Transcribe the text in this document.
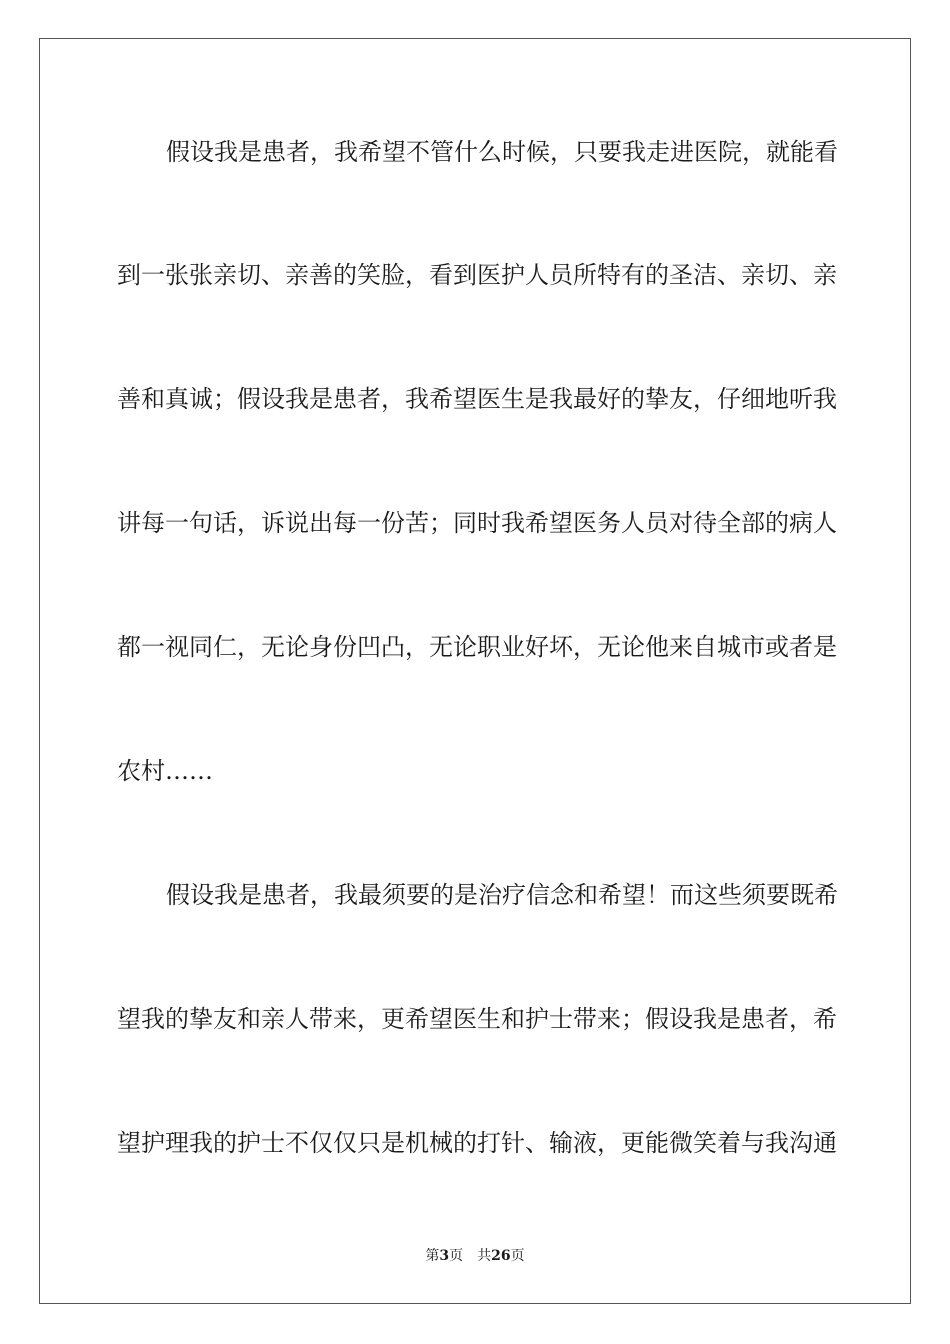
假设我是患者，我希望不管什么时候，只要我走进医院，就能看
到一张张亲切、亲善的笑脸，看到医护人员所特有的圣洁、亲切、亲
善和真诚；假设我是患者，我希望医生是我最好的挚友，仔细地听我
讲每一句话，诉说出每一份苦；同时我希望医务人员对待全部的病人
都一视同仁，无论身份凹凸，无论职业好坏，无论他来自城市或者是
农村……
假设我是患者，我最须要的是治疗信念和希望！而这些须要既希
望我的挚友和亲人带来，更希望医生和护士带来；假设我是患者，希
望护理我的护士不仅仅只是机械的打针、输液，更能微笑着与我沟通
第3页 共26页
